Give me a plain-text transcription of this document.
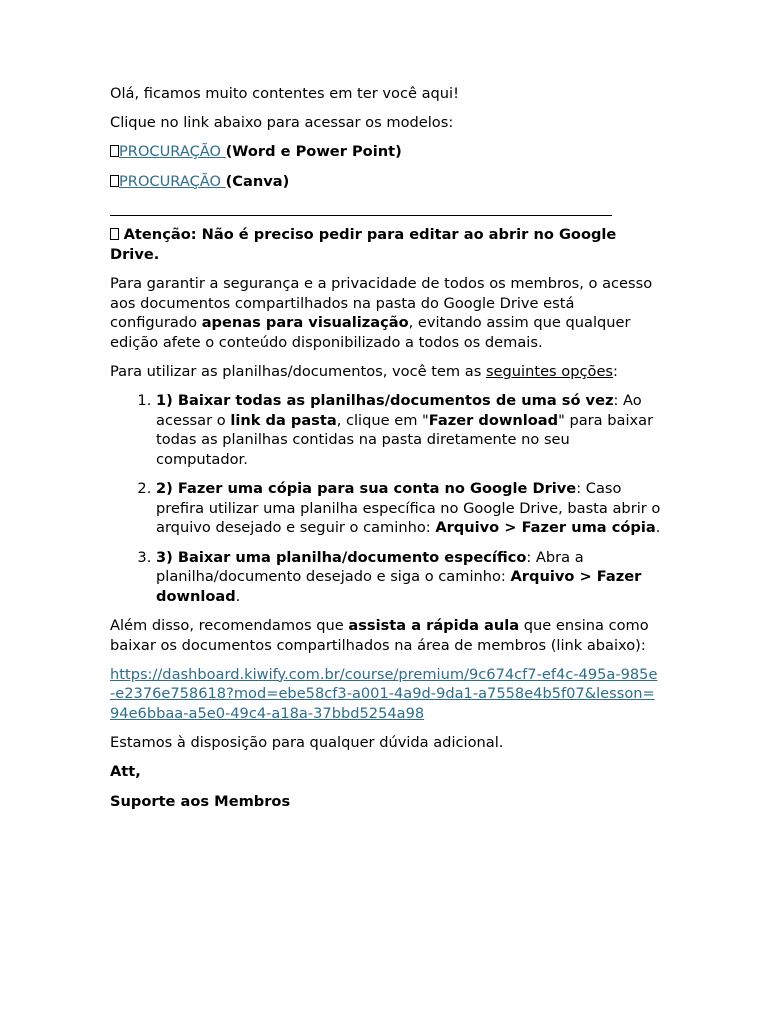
Olá, ficamos muito contentes em ter você aqui!

Clique no link abaixo para acessar os modelos:

PROCURAÇÃO (Word e Power Point)

PROCURAÇÃO (Canva)

Atenção: Não é preciso pedir para editar ao abrir no Google Drive.

Para garantir a segurança e a privacidade de todos os membros, o acesso aos documentos compartilhados na pasta do Google Drive está configurado apenas para visualização, evitando assim que qualquer edição afete o conteúdo disponibilizado a todos os demais.

Para utilizar as planilhas/documentos, você tem as seguintes opções:

1. 1) Baixar todas as planilhas/documentos de uma só vez: Ao acessar o link da pasta, clique em "Fazer download" para baixar todas as planilhas contidas na pasta diretamente no seu computador.
2. 2) Fazer uma cópia para sua conta no Google Drive: Caso prefira utilizar uma planilha específica no Google Drive, basta abrir o arquivo desejado e seguir o caminho: Arquivo > Fazer uma cópia.
3. 3) Baixar uma planilha/documento específico: Abra a planilha/documento desejado e siga o caminho: Arquivo > Fazer download.

Além disso, recomendamos que assista a rápida aula que ensina como baixar os documentos compartilhados na área de membros (link abaixo):

https://dashboard.kiwify.com.br/course/premium/9c674cf7-ef4c-495a-985e-e2376e758618?mod=ebe58cf3-a001-4a9d-9da1-a7558e4b5f07&lesson=94e6bbaa-a5e0-49c4-a18a-37bbd5254a98

Estamos à disposição para qualquer dúvida adicional.

Att,

Suporte aos Membros
